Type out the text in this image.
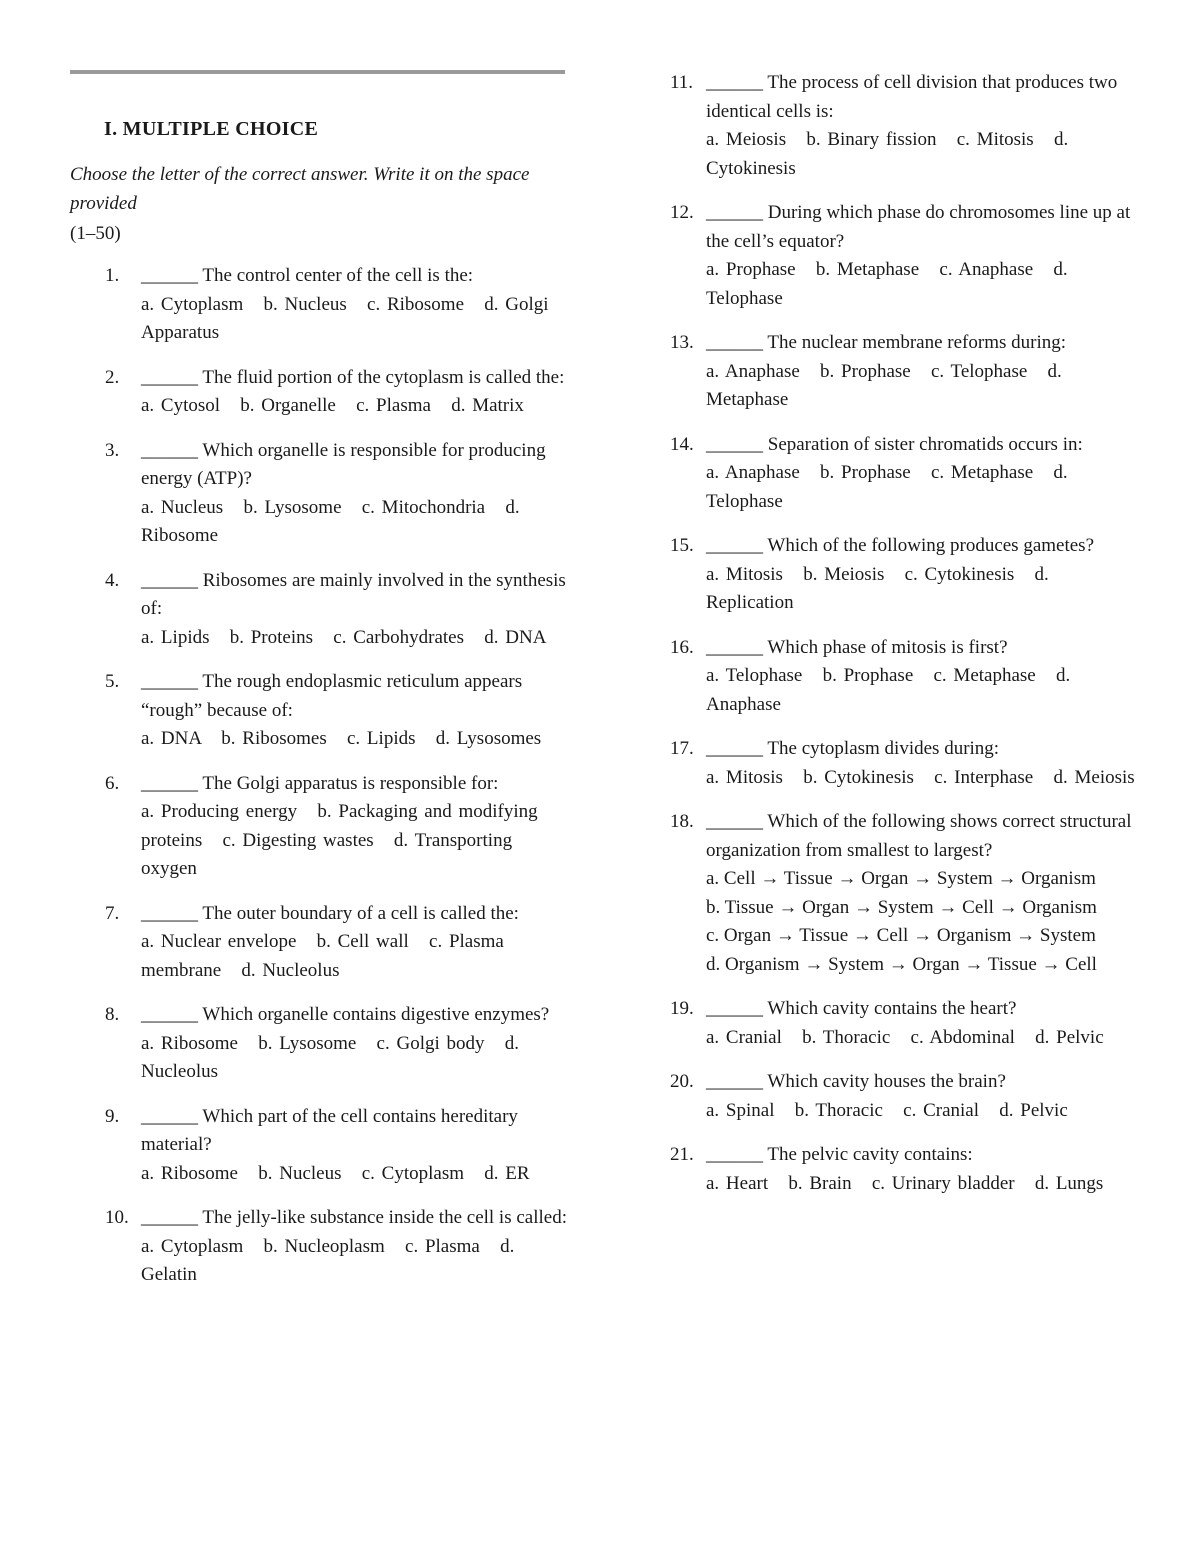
I. MULTIPLE CHOICE
Choose the letter of the correct answer. Write it on the space provided
(1–50)
1. ______ The control center of the cell is the:
a. Cytoplasm   b. Nucleus   c. Ribosome   d. Golgi Apparatus
2. ______ The fluid portion of the cytoplasm is called the:
a. Cytosol   b. Organelle   c. Plasma   d. Matrix
3. ______ Which organelle is responsible for producing energy (ATP)?
a. Nucleus   b. Lysosome   c. Mitochondria   d. Ribosome
4. ______ Ribosomes are mainly involved in the synthesis of:
a. Lipids   b. Proteins   c. Carbohydrates   d. DNA
5. ______ The rough endoplasmic reticulum appears “rough” because of:
a. DNA   b. Ribosomes   c. Lipids   d. Lysosomes
6. ______ The Golgi apparatus is responsible for:
a. Producing energy   b. Packaging and modifying proteins   c. Digesting wastes   d. Transporting oxygen
7. ______ The outer boundary of a cell is called the:
a. Nuclear envelope   b. Cell wall   c. Plasma membrane   d. Nucleolus
8. ______ Which organelle contains digestive enzymes?
a. Ribosome   b. Lysosome   c. Golgi body   d. Nucleolus
9. ______ Which part of the cell contains hereditary material?
a. Ribosome   b. Nucleus   c. Cytoplasm   d. ER
10. ______ The jelly-like substance inside the cell is called:
a. Cytoplasm   b. Nucleoplasm   c. Plasma   d. Gelatin
11. ______ The process of cell division that produces two identical cells is:
a. Meiosis   b. Binary fission   c. Mitosis   d. Cytokinesis
12. ______ During which phase do chromosomes line up at the cell’s equator?
a. Prophase   b. Metaphase   c. Anaphase   d. Telophase
13. ______ The nuclear membrane reforms during:
a. Anaphase   b. Prophase   c. Telophase   d. Metaphase
14. ______ Separation of sister chromatids occurs in:
a. Anaphase   b. Prophase   c. Metaphase   d. Telophase
15. ______ Which of the following produces gametes?
a. Mitosis   b. Meiosis   c. Cytokinesis   d. Replication
16. ______ Which phase of mitosis is first?
a. Telophase   b. Prophase   c. Metaphase   d. Anaphase
17. ______ The cytoplasm divides during:
a. Mitosis   b. Cytokinesis   c. Interphase   d. Meiosis
18. ______ Which of the following shows correct structural organization from smallest to largest?
a. Cell → Tissue → Organ → System → Organism
b. Tissue → Organ → System → Cell → Organism
c. Organ → Tissue → Cell → Organism → System
d. Organism → System → Organ → Tissue → Cell
19. ______ Which cavity contains the heart?
a. Cranial   b. Thoracic   c. Abdominal   d. Pelvic
20. ______ Which cavity houses the brain?
a. Spinal   b. Thoracic   c. Cranial   d. Pelvic
21. ______ The pelvic cavity contains:
a. Heart   b. Brain   c. Urinary bladder   d. Lungs
